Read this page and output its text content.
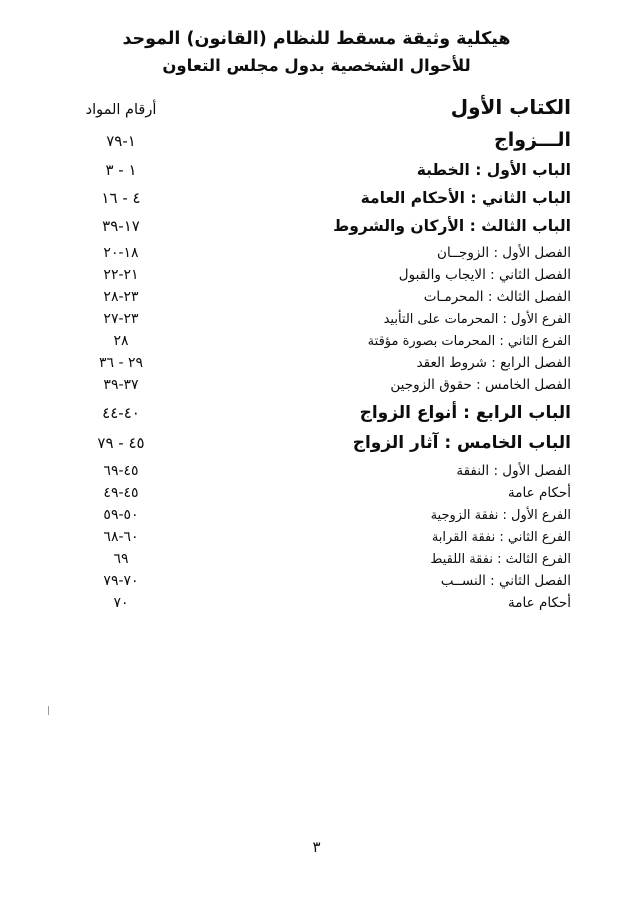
هيكلية وثيقة مسقط للنظام (القانون) الموحد
للأحوال الشخصية بدول مجلس التعاون
الكتاب الأول
أرقام المواد
الـــزواج
١-٧٩
الباب الأول : الخطبة
١ - ٣
الباب الثاني : الأحكام العامة
٤ - ١٦
الباب الثالث : الأركان والشروط
١٧-٣٩
الفصل الأول : الزوجــان
١٨-٢٠
الفصل الثاني : الايجاب والقبول
٢١-٢٢
الفصل الثالث : المحرمـات
٢٣-٢٨
الفرع الأول : المحرمات على التأبيد
٢٣-٢٧
الفرع الثاني : المحرمات بصورة مؤقتة
٢٨
الفصل الرابع : شروط العقد
٢٩ - ٣٦
الفصل الخامس : حقوق الزوجين
٣٧-٣٩
الباب الرابع : أنواع الزواج
٤٠-٤٤
الباب الخامس : آثار الزواج
٤٥ - ٧٩
الفصل الأول : النفقة
٤٥-٦٩
أحكام عامة
٤٥-٤٩
الفرع الأول : نفقة الزوجية
٥٠-٥٩
الفرع الثاني : نفقة القرابة
٦٠-٦٨
الفرع الثالث : نفقة اللقيط
٦٩
الفصل الثاني : النســب
٧٠-٧٩
أحكام عامة
٧٠
٣
